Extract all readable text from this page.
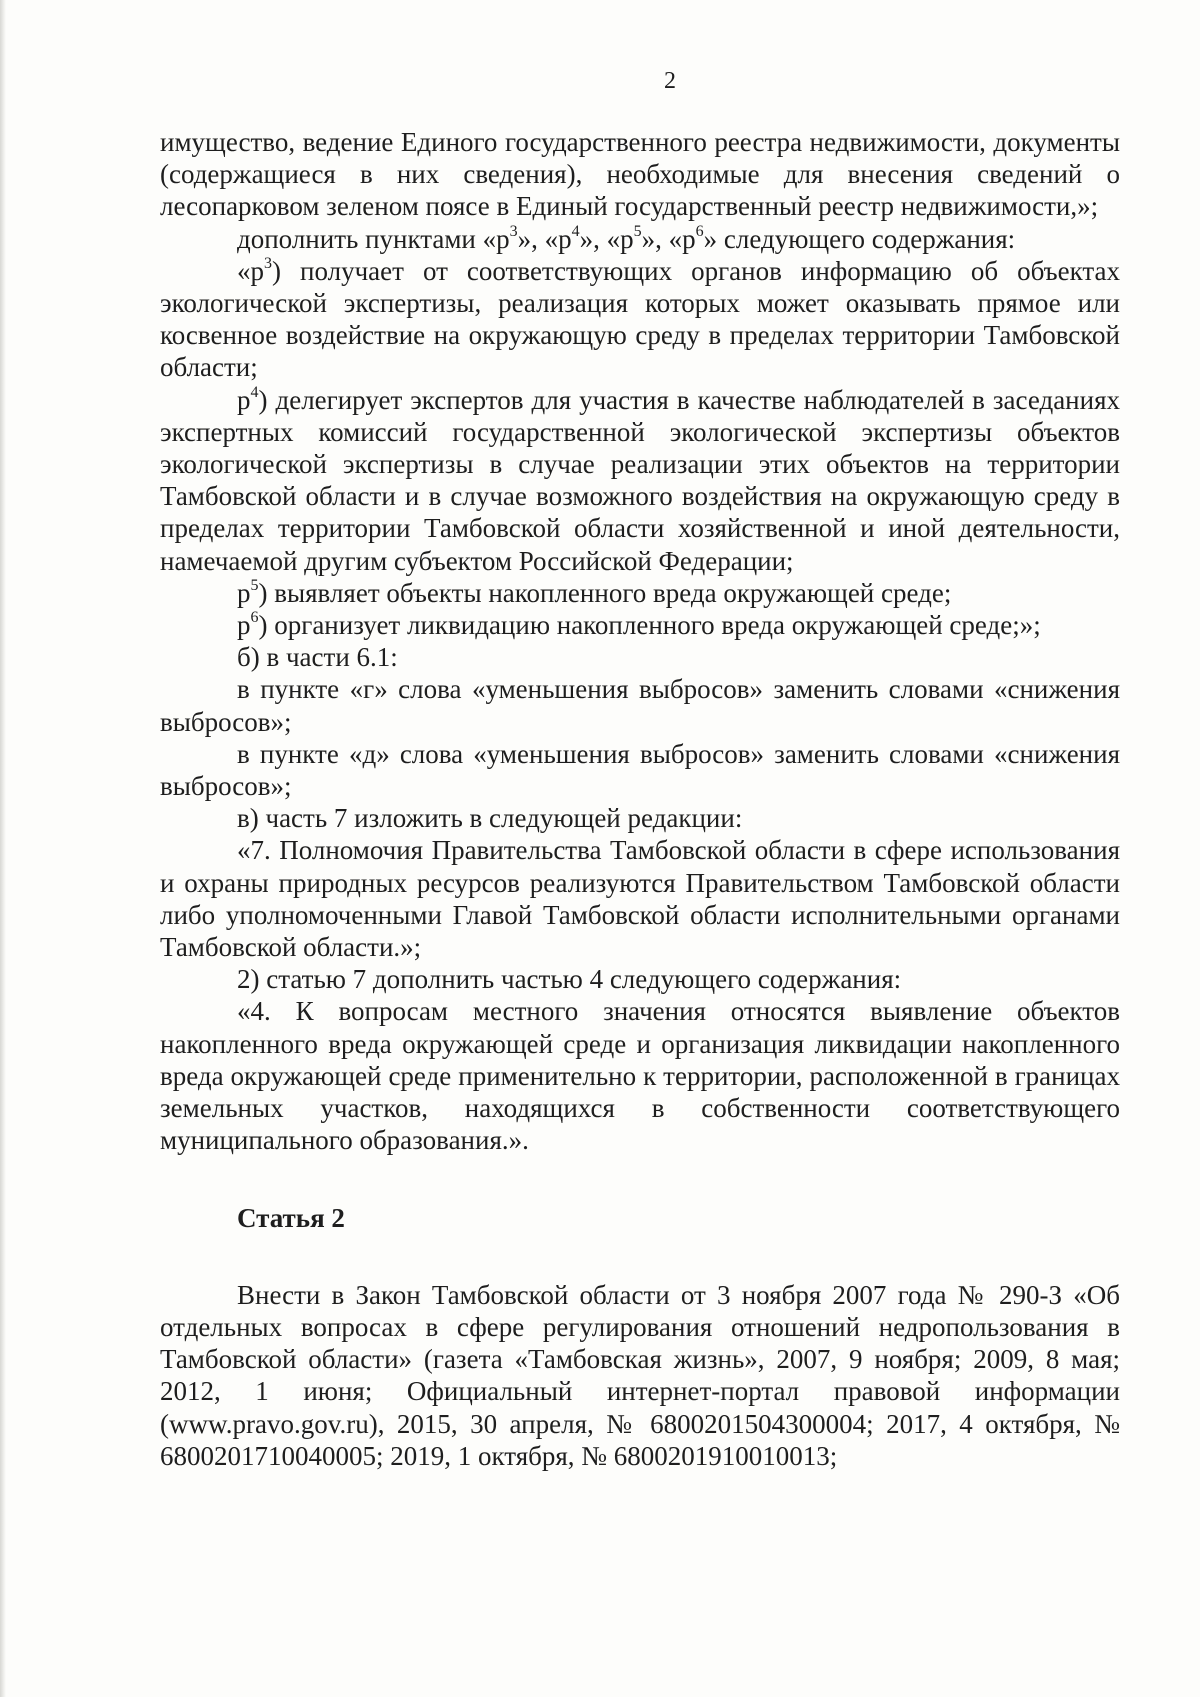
2

имущество, ведение Единого государственного реестра недвижимости, документы (содержащиеся в них сведения), необходимые для внесения сведений о лесопарковом зеленом поясе в Единый государственный реестр недвижимости,»;

дополнить пунктами «$р^3$», «$р^4$», «$р^5$», «$р^6$» следующего содержания:

«$р^3$) получает от соответствующих органов информацию об объектах экологической экспертизы, реализация которых может оказывать прямое или косвенное воздействие на окружающую среду в пределах территории Тамбовской области;

$р^4$) делегирует экспертов для участия в качестве наблюдателей в заседаниях экспертных комиссий государственной экологической экспертизы объектов экологической экспертизы в случае реализации этих объектов на территории Тамбовской области и в случае возможного воздействия на окружающую среду в пределах территории Тамбовской области хозяйственной и иной деятельности, намечаемой другим субъектом Российской Федерации;

$р^5$) выявляет объекты накопленного вреда окружающей среде;

$р^6$) организует ликвидацию накопленного вреда окружающей среде;»;

б) в части 6.1:

в пункте «г» слова «уменьшения выбросов» заменить словами «снижения выбросов»;

в пункте «д» слова «уменьшения выбросов» заменить словами «снижения выбросов»;

в) часть 7 изложить в следующей редакции:

«7. Полномочия Правительства Тамбовской области в сфере использования и охраны природных ресурсов реализуются Правительством Тамбовской области либо уполномоченными Главой Тамбовской области исполнительными органами Тамбовской области.»;

2) статью 7 дополнить частью 4 следующего содержания:

«4. К вопросам местного значения относятся выявление объектов накопленного вреда окружающей среде и организация ликвидации накопленного вреда окружающей среде применительно к территории, расположенной в границах земельных участков, находящихся в собственности соответствующего муниципального образования.».

Статья 2

Внести в Закон Тамбовской области от 3 ноября 2007 года № 290-З «Об отдельных вопросах в сфере регулирования отношений недропользования в Тамбовской области» (газета «Тамбовская жизнь», 2007, 9 ноября; 2009, 8 мая; 2012, 1 июня; Официальный интернет-портал правовой информации (www.pravo.gov.ru), 2015, 30 апреля, № 6800201504300004; 2017, 4 октября, № 6800201710040005; 2019, 1 октября, № 6800201910010013;
